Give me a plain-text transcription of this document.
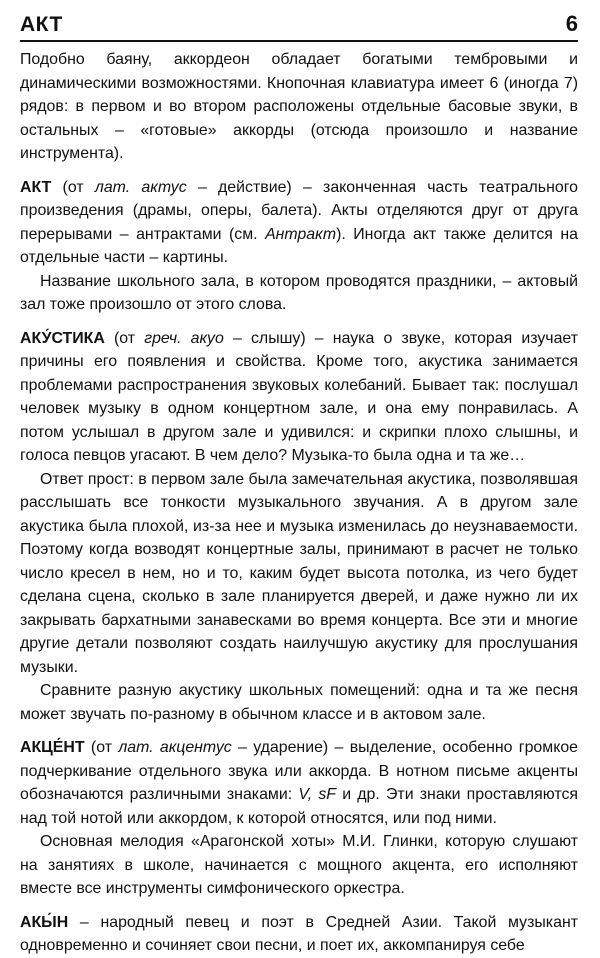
АКТ	6

Подобно баяну, аккордеон обладает богатыми тембровыми и динамическими возможностями. Кнопочная клавиатура имеет 6 (иногда 7) рядов: в первом и во втором расположены отдельные басовые звуки, в остальных – «готовые» аккорды (отсюда произошло и название инструмента).

АКТ (от лат. актус – действие) – законченная часть театрального произведения (драмы, оперы, балета). Акты отделяются друг от друга перерывами – антрактами (см. Антракт). Иногда акт также делится на отдельные части – картины.

Название школьного зала, в котором проводятся праздники, – актовый зал тоже произошло от этого слова.

АКУ́СТИКА (от греч. акуо – слышу) – наука о звуке, которая изучает причины его появления и свойства. Кроме того, акустика занимается проблемами распространения звуковых колебаний. Бывает так: послушал человек музыку в одном концертном зале, и она ему понравилась. А потом услышал в другом зале и удивился: и скрипки плохо слышны, и голоса певцов угасают. В чем дело? Музыка-то была одна и та же…

Ответ прост: в первом зале была замечательная акустика, позволявшая расслышать все тонкости музыкального звучания. А в другом зале акустика была плохой, из-за нее и музыка изменилась до неузнаваемости. Поэтому когда возводят концертные залы, принимают в расчет не только число кресел в нем, но и то, каким будет высота потолка, из чего будет сделана сцена, сколько в зале планируется дверей, и даже нужно ли их закрывать бархатными занавесками во время концерта. Все эти и многие другие детали позволяют создать наилучшую акустику для прослушания музыки.

Сравните разную акустику школьных помещений: одна и та же песня может звучать по-разному в обычном классе и в актовом зале.

АКЦЕ́НТ (от лат. акцентус – ударение) – выделение, особенно громкое подчеркивание отдельного звука или аккорда. В нотном письме акценты обозначаются различными знаками: V, sF и др. Эти знаки проставляются над той нотой или аккордом, к которой относятся, или под ними.

Основная мелодия «Арагонской хоты» М.И. Глинки, которую слушают на занятиях в школе, начинается с мощного акцента, его исполняют вместе все инструменты симфонического оркестра.

АКЫ́Н – народный певец и поэт в Средней Азии. Такой музыкант одновременно и сочиняет свои песни, и поет их, аккомпанируя себе
